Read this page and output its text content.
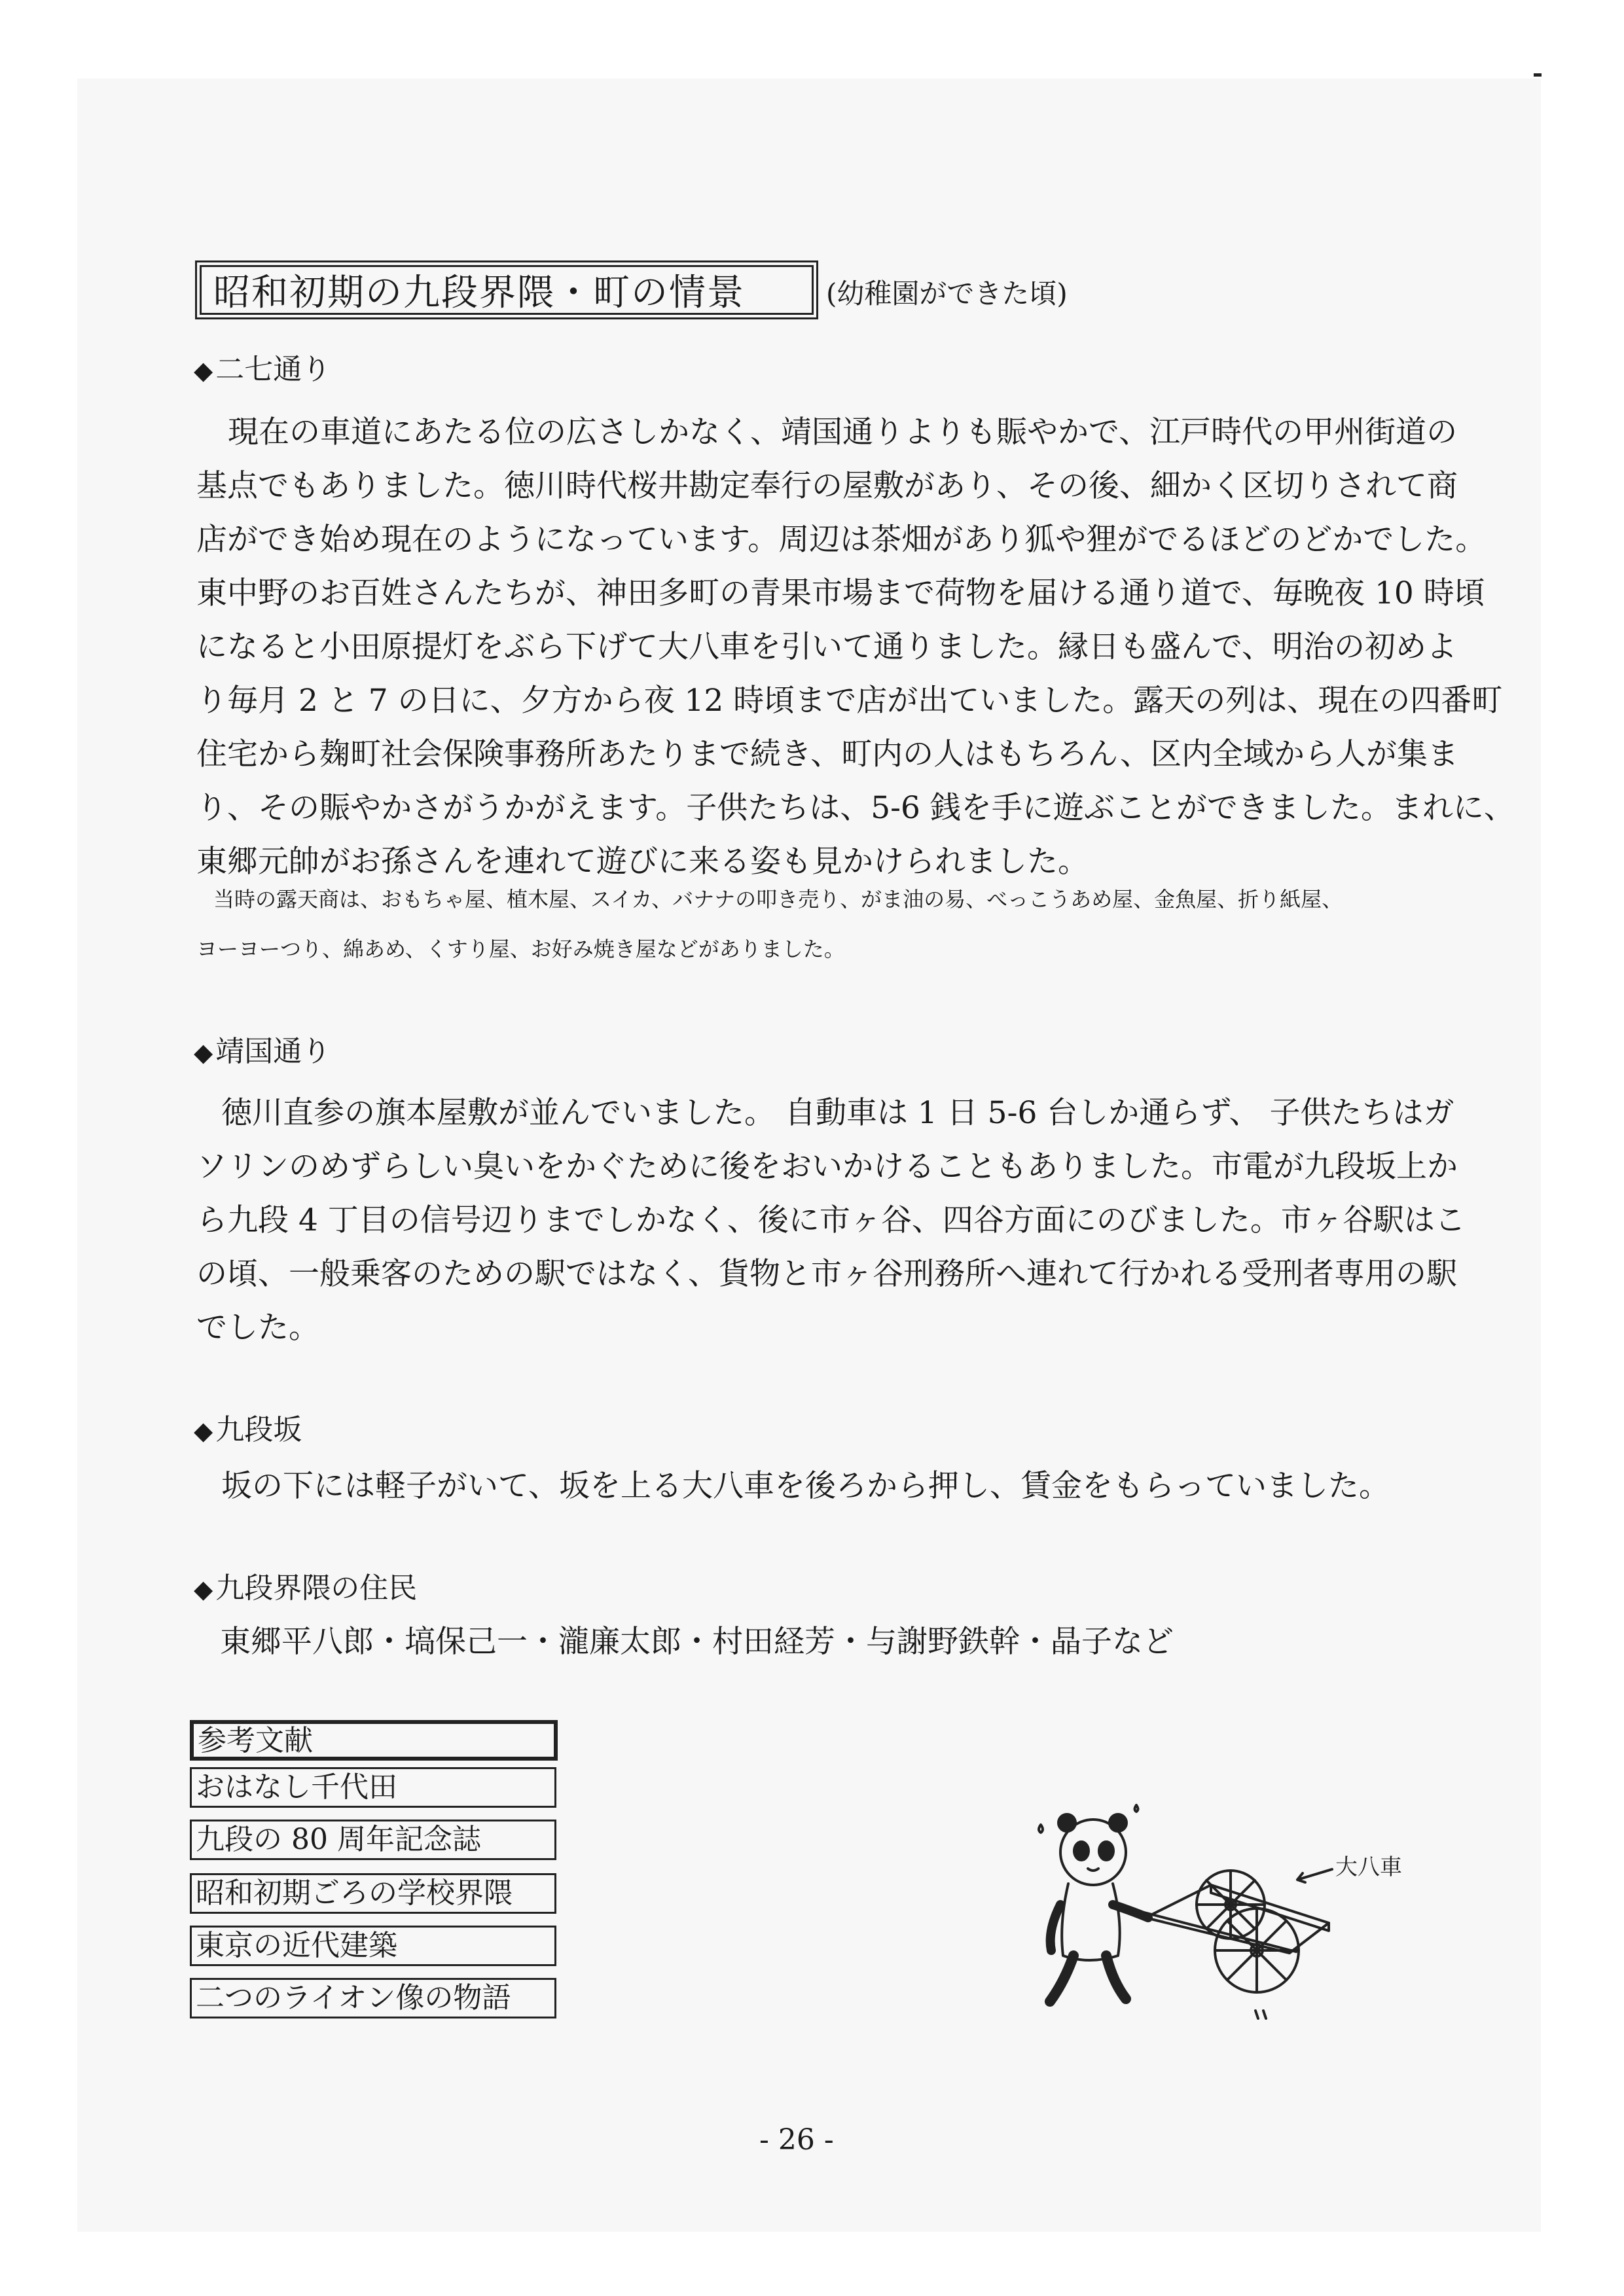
昭和初期の九段界隈・町の情景	(幼稚園ができた頃)
◆二七通り
現在の車道にあたる位の広さしかなく、靖国通りよりも賑やかで、江戸時代の甲州街道の
基点でもありました。徳川時代桜井勘定奉行の屋敷があり、その後、細かく区切りされて商
店ができ始め現在のようになっています。周辺は茶畑があり狐や狸がでるほどのどかでした。
東中野のお百姓さんたちが、神田多町の青果市場まで荷物を届ける通り道で、毎晩夜 10 時頃
になると小田原提灯をぶら下げて大八車を引いて通りました。縁日も盛んで、明治の初めよ
り毎月 2 と 7 の日に、夕方から夜 12 時頃まで店が出ていました。露天の列は、現在の四番町
住宅から麹町社会保険事務所あたりまで続き、町内の人はもちろん、区内全域から人が集ま
り、その賑やかさがうかがえます。子供たちは、5-6 銭を手に遊ぶことができました。まれに、
東郷元帥がお孫さんを連れて遊びに来る姿も見かけられました。
当時の露天商は、おもちゃ屋、植木屋、スイカ、バナナの叩き売り、がま油の易、べっこうあめ屋、金魚屋、折り紙屋、
ヨーヨーつり、綿あめ、くすり屋、お好み焼き屋などがありました。
◆靖国通り
徳川直参の旗本屋敷が並んでいました。 自動車は 1 日 5-6 台しか通らず、 子供たちはガ
ソリンのめずらしい臭いをかぐために後をおいかけることもありました。市電が九段坂上か
ら九段 4 丁目の信号辺りまでしかなく、後に市ヶ谷、四谷方面にのびました。市ヶ谷駅はこ
の頃、一般乗客のための駅ではなく、貨物と市ヶ谷刑務所へ連れて行かれる受刑者専用の駅
でした。
◆九段坂
坂の下には軽子がいて、坂を上る大八車を後ろから押し、賃金をもらっていました。
◆九段界隈の住民
東郷平八郎・塙保己一・瀧廉太郎・村田経芳・与謝野鉄幹・晶子など
参考文献
おはなし千代田
九段の 80 周年記念誌
昭和初期ごろの学校界隈
東京の近代建築
二つのライオン像の物語
大八車
- 26 -
